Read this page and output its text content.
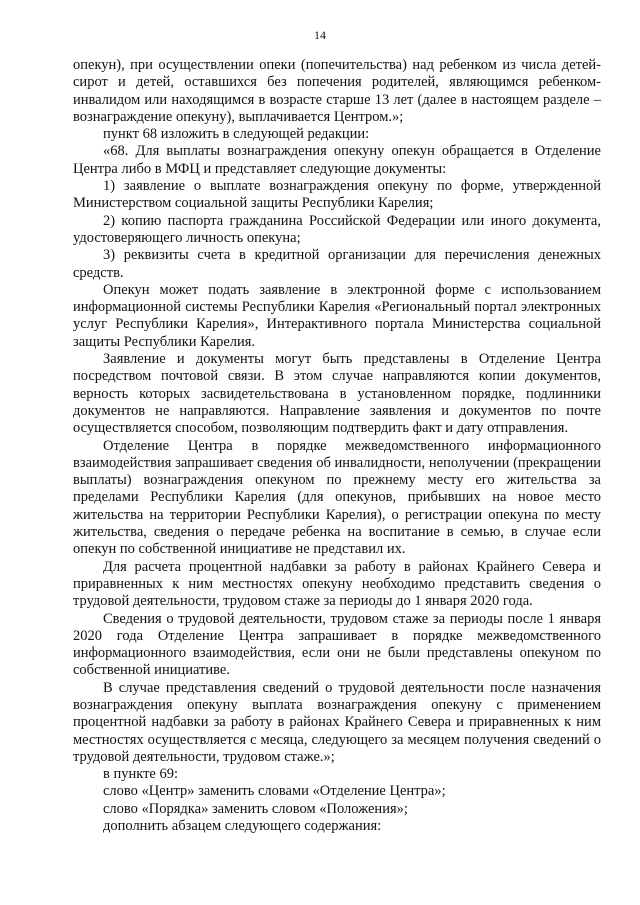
14

опекун), при осуществлении опеки (попечительства) над ребенком из числа детей-сирот и детей, оставшихся без попечения родителей, являющимся ребенком-инвалидом или находящимся в возрасте старше 13 лет (далее в настоящем разделе – вознаграждение опекуну), выплачивается Центром.»;

пункт 68 изложить в следующей редакции:

«68. Для выплаты вознаграждения опекуну опекун обращается в Отделение Центра либо в МФЦ и представляет следующие документы:

1) заявление о выплате вознаграждения опекуну по форме, утвержденной Министерством социальной защиты Республики Карелия;

2) копию паспорта гражданина Российской Федерации или иного документа, удостоверяющего личность опекуна;

3) реквизиты счета в кредитной организации для перечисления денежных средств.

Опекун может подать заявление в электронной форме с использованием информационной системы Республики Карелия «Региональный портал электронных услуг Республики Карелия», Интерактивного портала Министерства социальной защиты Республики Карелия.

Заявление и документы могут быть представлены в Отделение Центра посредством почтовой связи. В этом случае направляются копии документов, верность которых засвидетельствована в установленном порядке, подлинники документов не направляются. Направление заявления и документов по почте осуществляется способом, позволяющим подтвердить факт и дату отправления.

Отделение Центра в порядке межведомственного информационного взаимодействия запрашивает сведения об инвалидности, неполучении (прекращении выплаты) вознаграждения опекуном по прежнему месту его жительства за пределами Республики Карелия (для опекунов, прибывших на новое место жительства на территории Республики Карелия), о регистрации опекуна по месту жительства, сведения о передаче ребенка на воспитание в семью, в случае если опекун по собственной инициативе не представил их.

Для расчета процентной надбавки за работу в районах Крайнего Севера и приравненных к ним местностях опекуну необходимо представить сведения о трудовой деятельности, трудовом стаже за периоды до 1 января 2020 года.

Сведения о трудовой деятельности, трудовом стаже за периоды после 1 января 2020 года Отделение Центра запрашивает в порядке межведомственного информационного взаимодействия, если они не были представлены опекуном по собственной инициативе.

В случае представления сведений о трудовой деятельности после назначения вознаграждения опекуну выплата вознаграждения опекуну с применением процентной надбавки за работу в районах Крайнего Севера и приравненных к ним местностях осуществляется с месяца, следующего за месяцем получения сведений о трудовой деятельности, трудовом стаже.»;

в пункте 69:

слово «Центр» заменить словами «Отделение Центра»;

слово «Порядка» заменить словом «Положения»;

дополнить абзацем следующего содержания:
